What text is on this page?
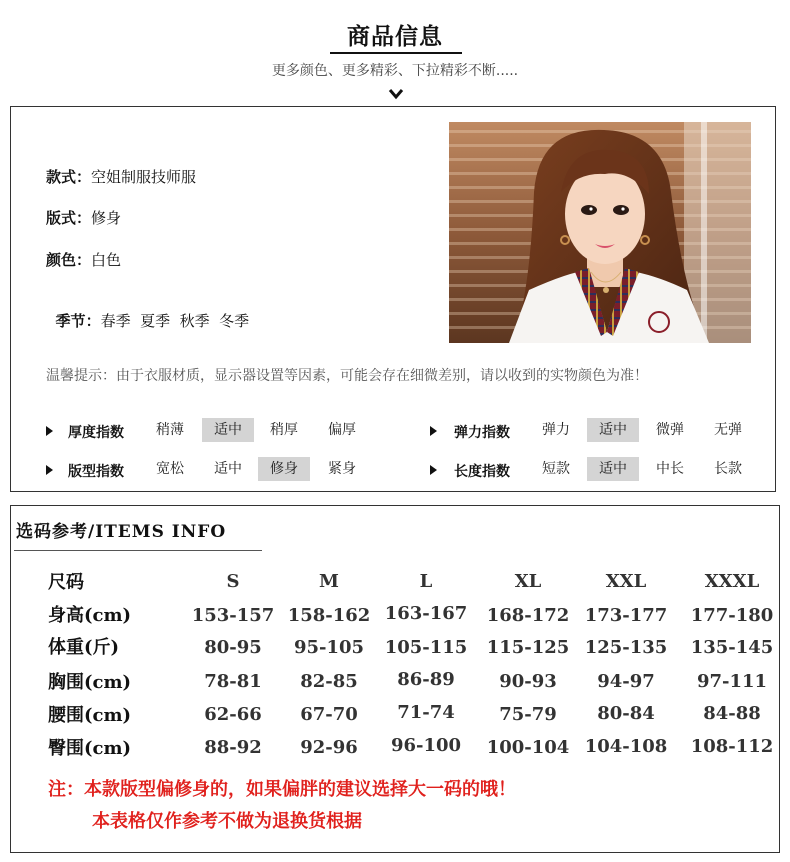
商品信息
更多颜色、更多精彩、下拉精彩不断.....
款式：空姐制服技师服
版式：修身
颜色：白色

季节：春季  夏季  秋季  冬季

温馨提示：由于衣服材质，显示器设置等因素，可能会存在细微差别，请以收到的实物颜色为准！
厚度指数	稍薄	适中	稍厚	偏厚	弹力指数	弹力	适中	微弹	无弹
版型指数	宽松	适中	修身	紧身	长度指数	短款	适中	中长	长款
选码参考/ITEMS INFO
尺码	S	M	L	XL	XXL	XXXL
身高(cm)	153-157 158-162 163-167	168-172 173-177	177-180
体重(斤)	80-95	95-105	105-115	115-125 125-135	135-145
胸围(cm)	78-81	82-85	86-89	90-93	94-97	97-111
腰围(cm)	62-66	67-70	71-74	75-79	80-84	84-88
臀围(cm)	88-92	92-96	96-100	100-104 104-108	108-112
注：本款版型偏修身的，如果偏胖的建议选择大一码的哦！
本表格仅作参考不做为退换货根据
